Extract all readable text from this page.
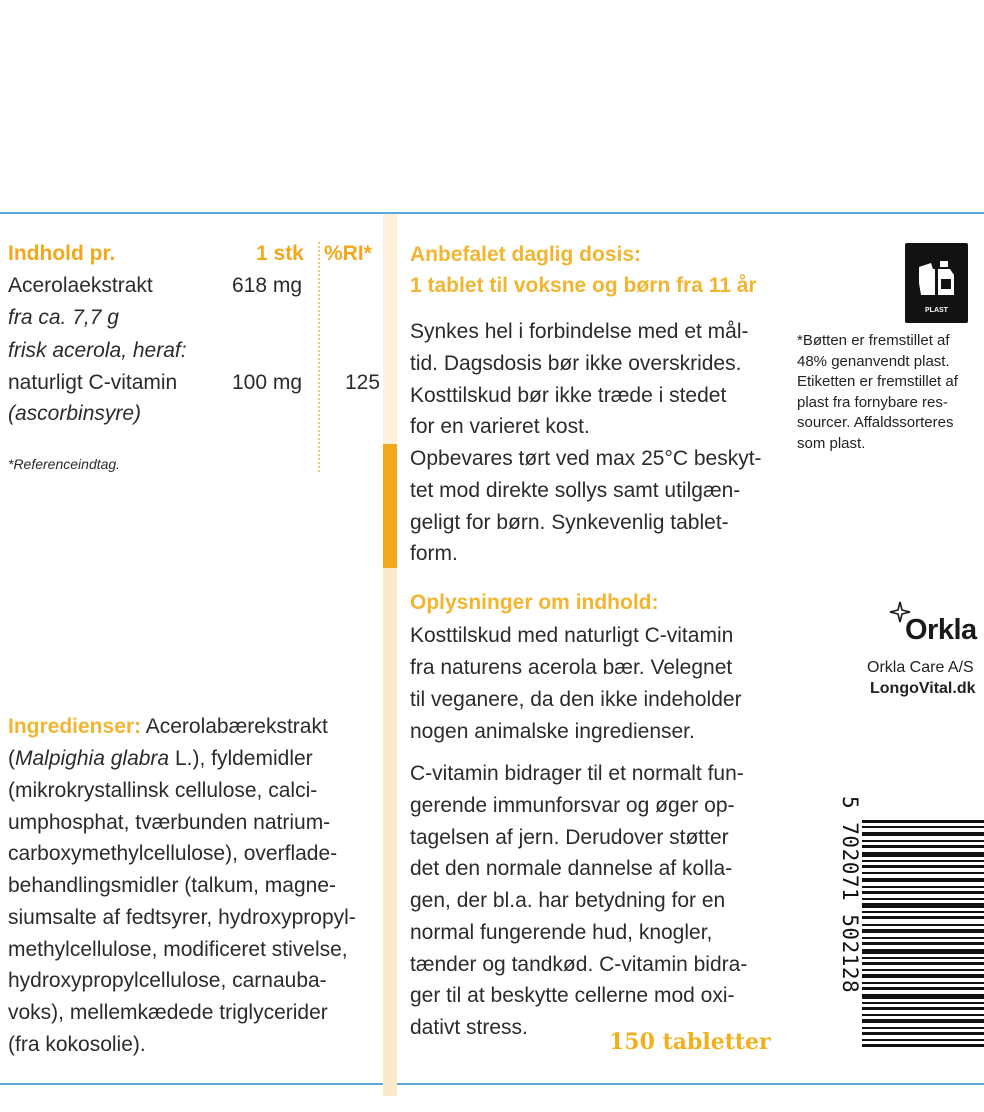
Indhold pr.	1 stk %RI*
Acerolaekstrakt	618 mg
fra ca. 7,7 g
frisk acerola, heraf:
naturligt C-vitamin	100 mg 125
(ascorbinsyre)
*Referenceindtag.

Ingredienser: Acerolabærekstrakt

(Malpighia glabra L.), fyldemidler

(mikrokrystallinsk cellulose, calci-

umphosphat, tværbunden natrium-

carboxymethylcellulose), overflade-

behandlingsmidler (talkum, magne-

siumsalte af fedtsyrer, hydroxypropyl-

methylcellulose, modificeret stivelse,

hydroxypropylcellulose, carnauba-

voks), mellemkædede triglycerider

(fra kokosolie).

Anbefalet daglig dosis:
1 tablet til voksne og børn fra 11 år

Synkes hel i forbindelse med et mål-

tid. Dagsdosis bør ikke overskrides.

Kosttilskud bør ikke træde i stedet

for en varieret kost.

Opbevares tørt ved max 25°C beskyt-

tet mod direkte sollys samt utilgæn-

geligt for børn. Synkevenlig tablet-

form.

Oplysninger om indhold:

Kosttilskud med naturligt C-vitamin

fra naturens acerola bær. Velegnet

til veganere, da den ikke indeholder

nogen animalske ingredienser.

C-vitamin bidrager til et normalt fun-

gerende immunforsvar og øger op-

tagelsen af jern. Derudover støtter

det den normale dannelse af kolla-

gen, der bl.a. har betydning for en

normal fungerende hud, knogler,

tænder og tandkød. C-vitamin bidra-

ger til at beskytte cellerne mod oxi-

dativt stress.

150 tabletter
PLAST
*Bøtten er fremstillet af
48% genanvendt plast.
Etiketten er fremstillet af
plast fra fornybare res-
sourcer. Affaldssorteres
som plast.
Orkla
Orkla Care A/S
LongoVital.dk
5 702071 502128
